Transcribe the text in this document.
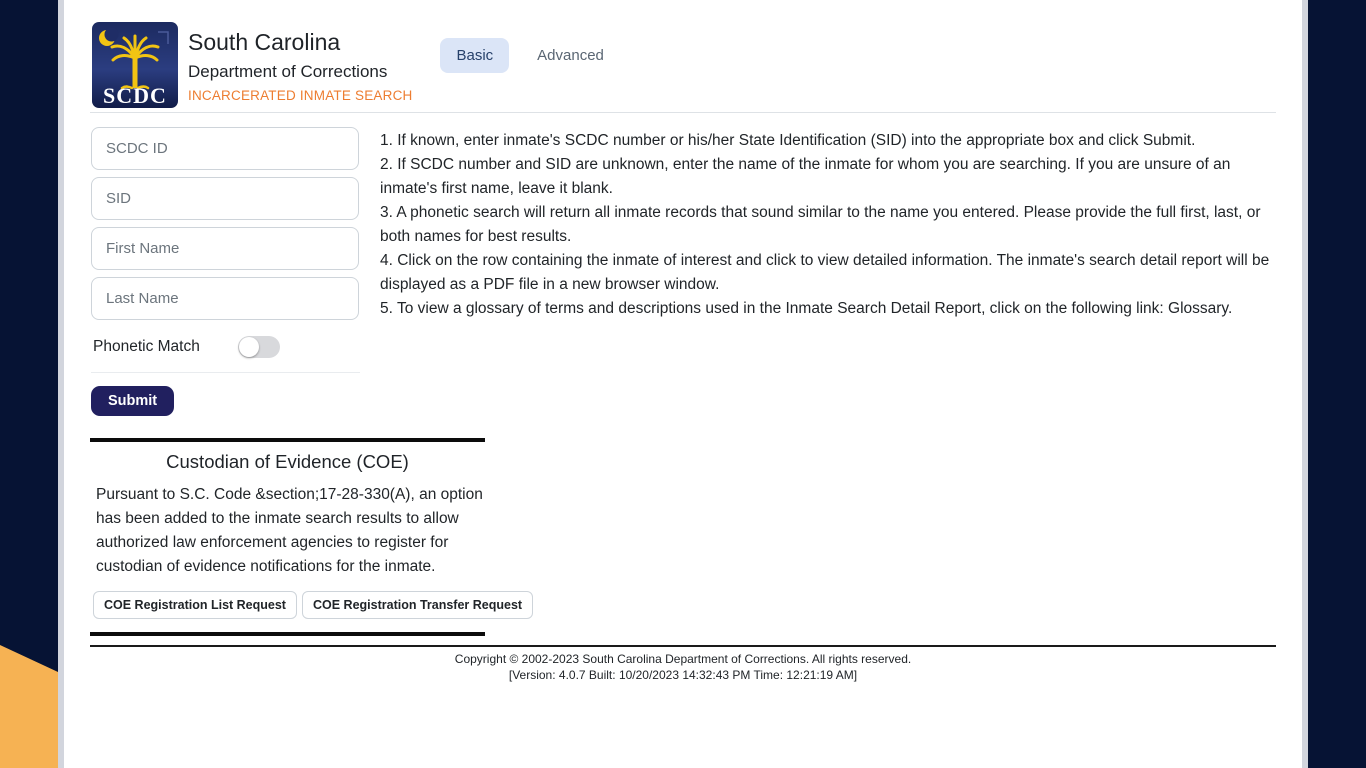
SCDC
South Carolina
Department of Corrections
INCARCERATED INMATE SEARCH
Basic	Advanced
SCDC ID
SID
First Name
Last Name
Phonetic Match
Submit

1. If known, enter inmate's SCDC number or his/her State Identification (SID) into the appropriate box and click Submit.

2. If SCDC number and SID are unknown, enter the name of the inmate for whom you are searching. If you are unsure of an inmate's first name, leave it blank.

3. A phonetic search will return all inmate records that sound similar to the name you entered. Please provide the full first, last, or both names for best results.

4. Click on the row containing the inmate of interest and click to view detailed information. The inmate's search detail report will be displayed as a PDF file in a new browser window.

5. To view a glossary of terms and descriptions used in the Inmate Search Detail Report, click on the following link: Glossary.

Custodian of Evidence (COE)

Pursuant to S.C. Code &section;17-28-330(A), an option has been added to the inmate search results to allow authorized law enforcement agencies to register for custodian of evidence notifications for the inmate.

COE Registration List Request	COE Registration Transfer Request
Copyright © 2002-2023 South Carolina Department of Corrections. All rights reserved.
[Version: 4.0.7 Built: 10/20/2023 14:32:43 PM Time: 12:21:19 AM]
